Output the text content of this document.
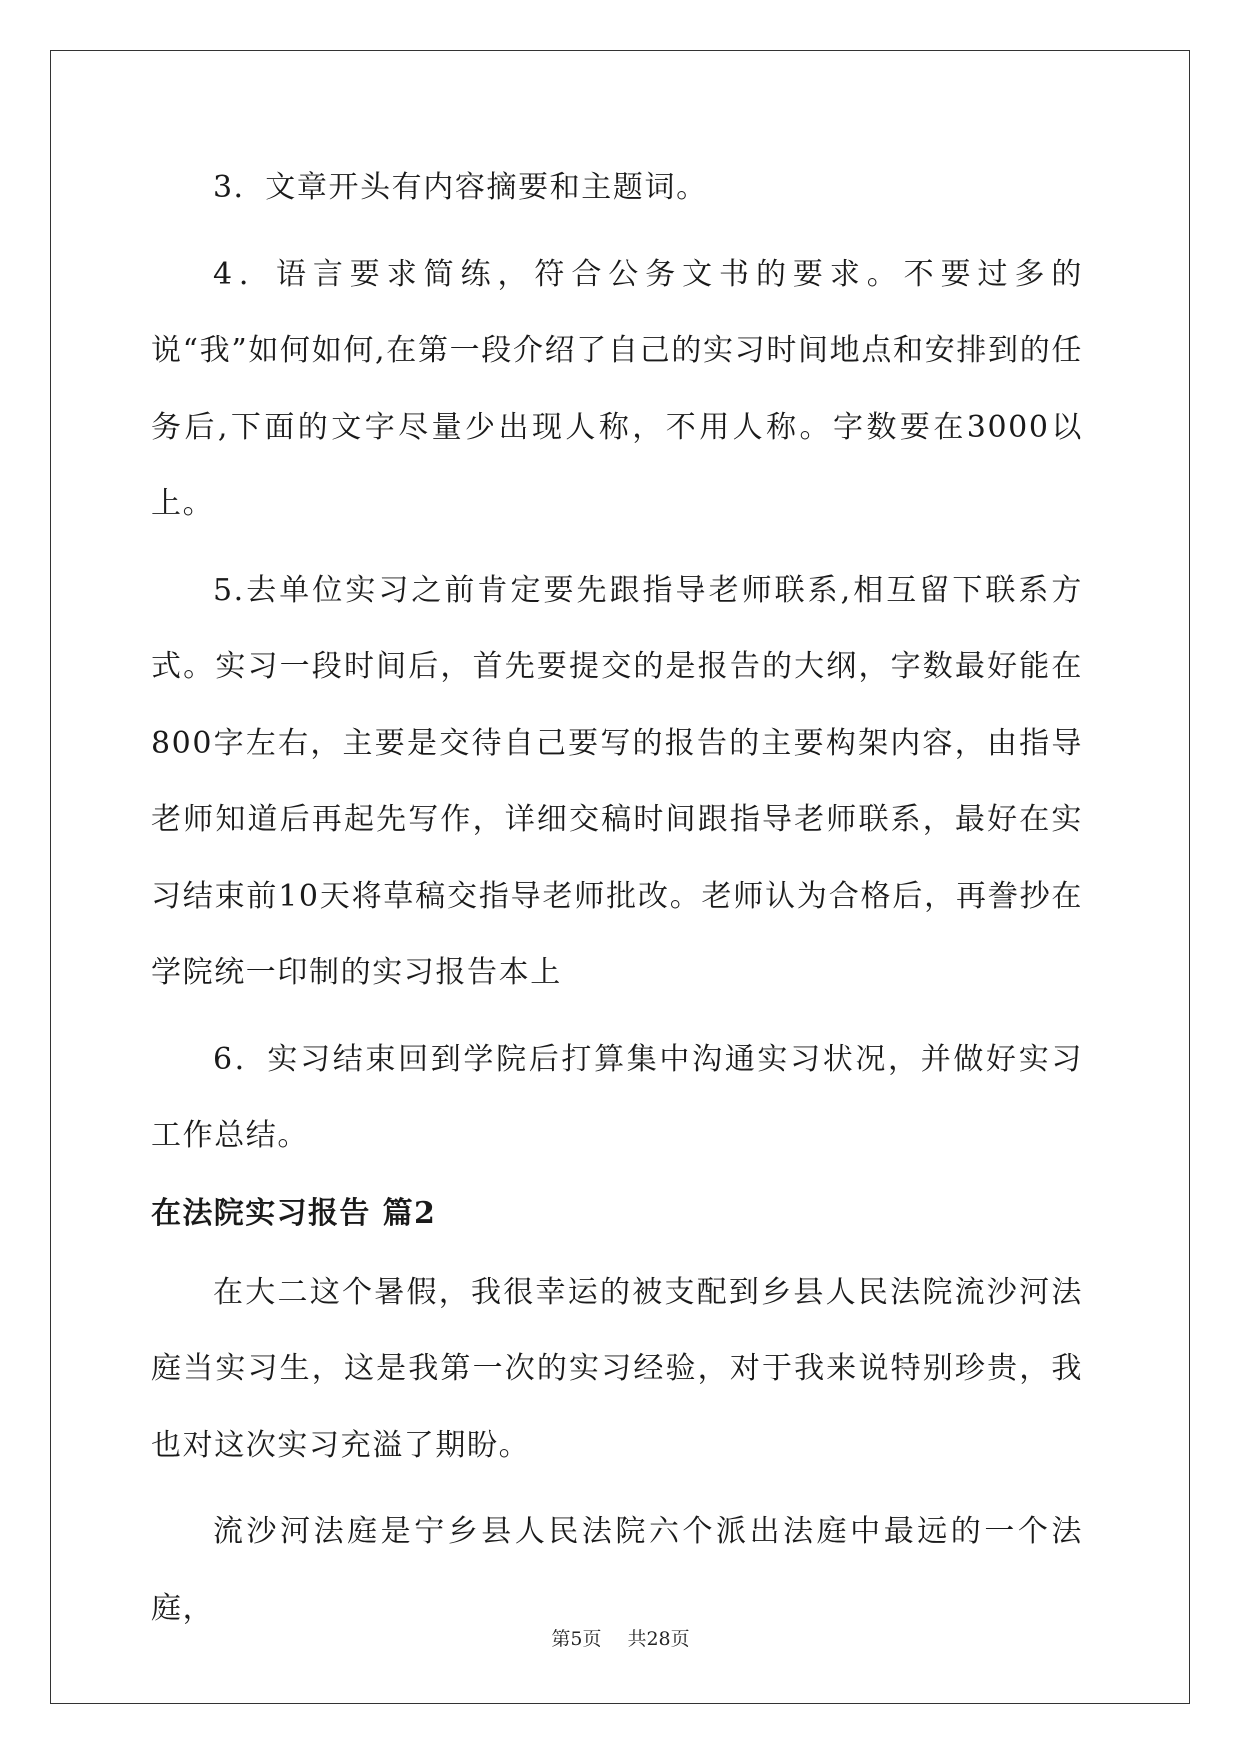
3．文章开头有内容摘要和主题词。

4．语言要求简练，符合公务文书的要求。不要过多的说“我”如何如何,在第一段介绍了自己的实习时间地点和安排到的任务后,下面的文字尽量少出现人称，不用人称。字数要在3000以上。

5.去单位实习之前肯定要先跟指导老师联系,相互留下联系方式。实习一段时间后，首先要提交的是报告的大纲，字数最好能在800字左右，主要是交待自己要写的报告的主要构架内容，由指导老师知道后再起先写作，详细交稿时间跟指导老师联系，最好在实习结束前10天将草稿交指导老师批改。老师认为合格后，再誊抄在学院统一印制的实习报告本上

6．实习结束回到学院后打算集中沟通实习状况，并做好实习工作总结。

在法院实习报告 篇2

在大二这个暑假，我很幸运的被支配到乡县人民法院流沙河法庭当实习生，这是我第一次的实习经验，对于我来说特别珍贵，我也对这次实习充溢了期盼。

流沙河法庭是宁乡县人民法院六个派出法庭中最远的一个法庭，

第5页 共28页
